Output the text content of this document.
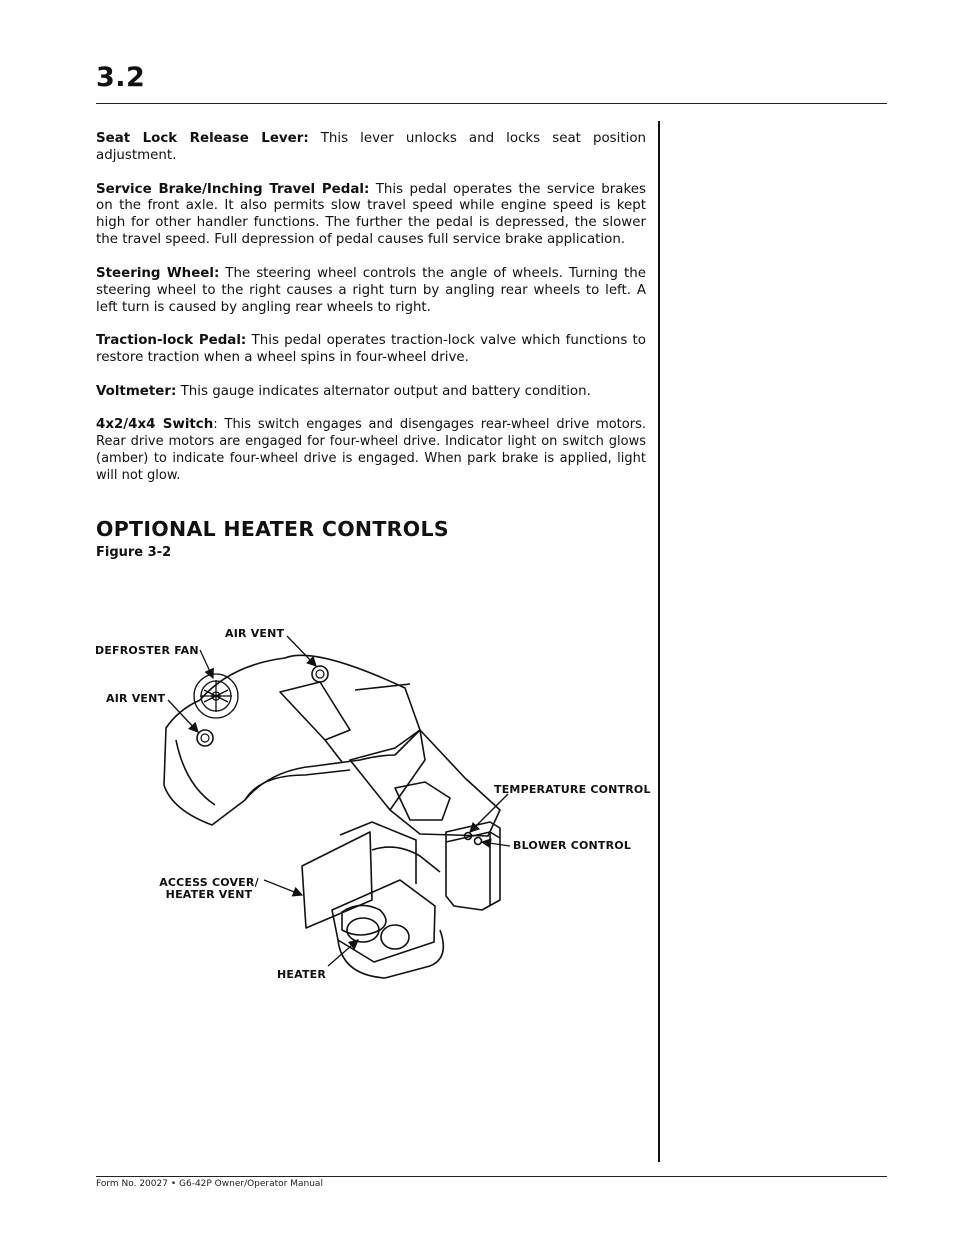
3.2

Seat Lock Release Lever: This lever unlocks and locks seat position adjustment.

Service Brake/Inching Travel Pedal: This pedal operates the service brakes on the front axle. It also permits slow travel speed while engine speed is kept high for other handler functions. The further the pedal is depressed, the slower the travel speed. Full depression of pedal causes full service brake application.

Steering Wheel: The steering wheel controls the angle of wheels. Turning the steering wheel to the right causes a right turn by angling rear wheels to left. A left turn is caused by angling rear wheels to right.

Traction-lock Pedal: This pedal operates traction-lock valve which functions to restore traction when a wheel spins in four-wheel drive.

Voltmeter: This gauge indicates alternator output and battery condition.

4x2/4x4 Switch: This switch engages and disengages rear-wheel drive motors. Rear drive motors are engaged for four-wheel drive. Indicator light on switch glows (amber) to indicate four-wheel drive is engaged. When park brake is applied, light will not glow.

OPTIONAL HEATER CONTROLS
Figure 3-2
AIR VENT
DEFROSTER FAN
AIR VENT
TEMPERATURE CONTROL
BLOWER CONTROL
ACCESS COVER/
HEATER VENT
HEATER
Form No. 20027 • G6-42P Owner/Operator Manual
